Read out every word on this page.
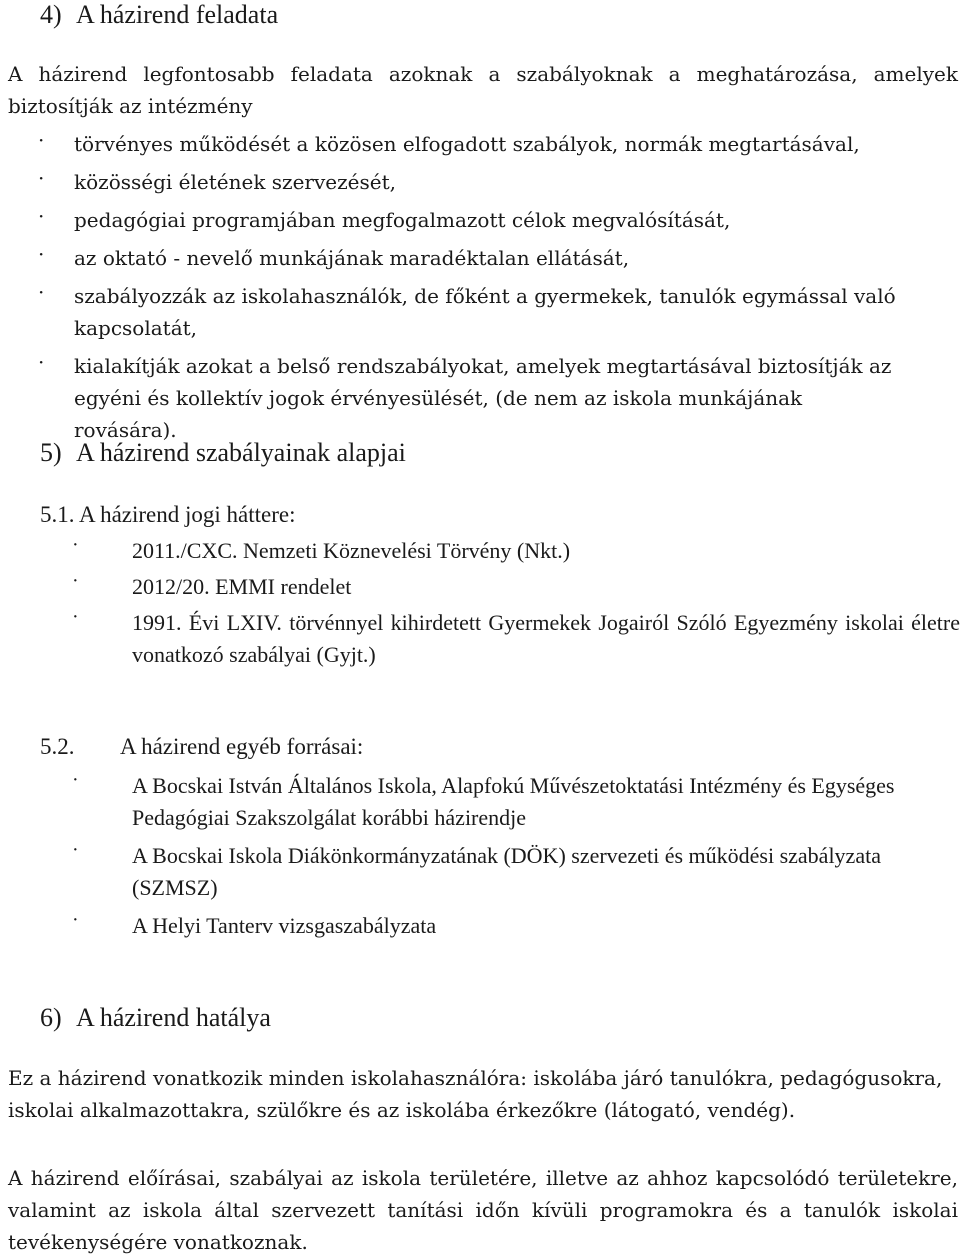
4) A házirend feladata

A házirend legfontosabb feladata azoknak a szabályoknak a meghatározása, amelyek biztosítják az intézmény

· törvényes működését a közösen elfogadott szabályok, normák megtartásával,
· közösségi életének szervezését,
· pedagógiai programjában megfogalmazott célok megvalósítását,
· az oktató - nevelő munkájának maradéktalan ellátását,
· szabályozzák az iskolahasználók, de főként a gyermekek, tanulók egymással való kapcsolatát,
· kialakítják azokat a belső rendszabályokat, amelyek megtartásával biztosítják az egyéni és kollektív jogok érvényesülését, (de nem az iskola munkájának rovására).
5) A házirend szabályainak alapjai
5.1. A házirend jogi háttere:
· 2011./CXC. Nemzeti Köznevelési Törvény (Nkt.)
· 2012/20. EMMI rendelet
· 1991. Évi LXIV. törvénnyel kihirdetett Gyermekek Jogairól Szóló Egyezmény iskolai életre vonatkozó szabályai (Gyjt.)
5.2. A házirend egyéb forrásai:
· A Bocskai István Általános Iskola, Alapfokú Művészetoktatási Intézmény és Egységes Pedagógiai Szakszolgálat korábbi házirendje
· A Bocskai Iskola Diákönkormányzatának (DÖK) szervezeti és működési szabályzata (SZMSZ)
· A Helyi Tanterv vizsgaszabályzata
6) A házirend hatálya

Ez a házirend vonatkozik minden iskolahasználóra: iskolába járó tanulókra, pedagógusokra, iskolai alkalmazottakra, szülőkre és az iskolába érkezőkre (látogató, vendég).

A házirend előírásai, szabályai az iskola területére, illetve az ahhoz kapcsolódó területekre, valamint az iskola által szervezett tanítási időn kívüli programokra és a tanulók iskolai tevékenységére vonatkoznak.
